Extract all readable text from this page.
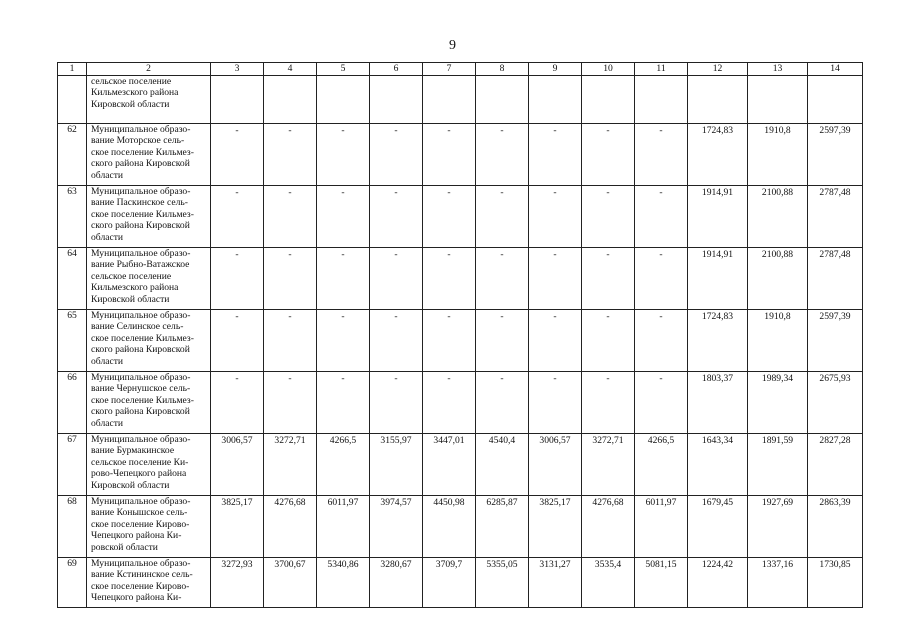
9
1	2	3	4	5	6	7	8	9	10	11	12	13	14

	сельское поселение
Кильмезского района
Кировской области												

62	Муниципальное образо-
вание Моторское сель-
ское поселение Кильмез-
ского района Кировской
области	-	-	-	-	-	-	-	-	-	1724,83	1910,8	2597,39
63	Муниципальное образо-
вание Паскинское сель-
ское поселение Кильмез-
ского района Кировской
области	-	-	-	-	-	-	-	-	-	1914,91	2100,88	2787,48
64	Муниципальное образо-
вание Рыбно-Ватажское
сельское поселение
Кильмезского района
Кировской области	-	-	-	-	-	-	-	-	-	1914,91	2100,88	2787,48
65	Муниципальное образо-
вание Селинское сель-
ское поселение Кильмез-
ского района Кировской
области	-	-	-	-	-	-	-	-	-	1724,83	1910,8	2597,39
66	Муниципальное образо-
вание Чернушское сель-
ское поселение Кильмез-
ского района Кировской
области	-	-	-	-	-	-	-	-	-	1803,37	1989,34	2675,93
67	Муниципальное образо-
вание Бурмакинское
сельское поселение Ки-
рово-Чепецкого района
Кировской области	3006,57	3272,71	4266,5	3155,97	3447,01	4540,4	3006,57	3272,71	4266,5	1643,34	1891,59	2827,28
68	Муниципальное образо-
вание Конышское сель-
ское поселение Кирово-
Чепецкого района Ки-
ровской области	3825,17	4276,68	6011,97	3974,57	4450,98	6285,87	3825,17	4276,68	6011,97	1679,45	1927,69	2863,39
69	Муниципальное образо-
вание Кстининское сель-
ское поселение Кирово-
Чепецкого района Ки-	3272,93	3700,67	5340,86	3280,67	3709,7	5355,05	3131,27	3535,4	5081,15	1224,42	1337,16	1730,85
